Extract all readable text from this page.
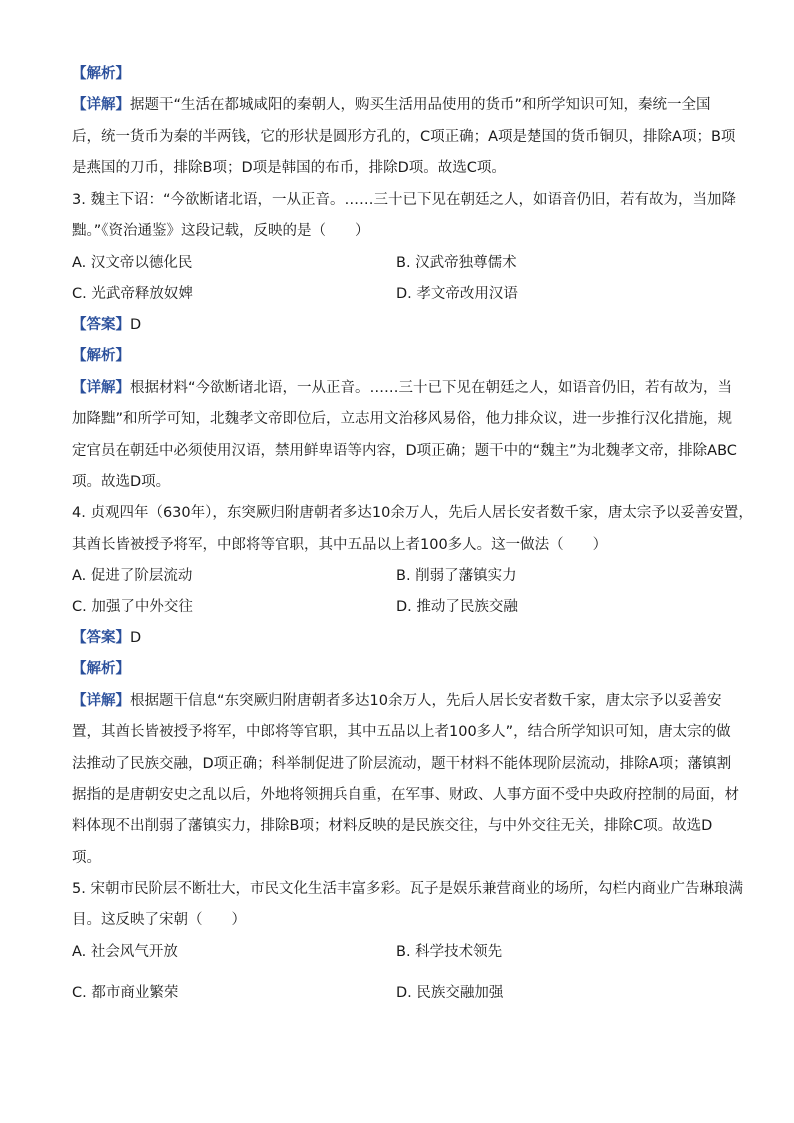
【解析】
【详解】据题干“生活在都城咸阳的秦朝人，购买生活用品使用的货币”和所学知识可知，秦统一全国
后，统一货币为秦的半两钱，它的形状是圆形方孔的，C项正确；A项是楚国的货币铜贝，排除A项；B项
是燕国的刀币，排除B项；D项是韩国的布币，排除D项。故选C项。
3. 魏主下诏：“今欲断诸北语，一从正音。……三十已下见在朝廷之人，如语音仍旧，若有故为，当加降
黜。”《资治通鉴》这段记载，反映的是（　　）
A. 汉文帝以德化民	B. 汉武帝独尊儒术
C. 光武帝释放奴婢	D. 孝文帝改用汉语
【答案】D
【解析】
【详解】根据材料“今欲断诸北语，一从正音。……三十已下见在朝廷之人，如语音仍旧，若有故为，当
加降黜”和所学可知，北魏孝文帝即位后，立志用文治移风易俗，他力排众议，进一步推行汉化措施，规
定官员在朝廷中必须使用汉语，禁用鲜卑语等内容，D项正确；题干中的“魏主”为北魏孝文帝，排除ABC
项。故选D项。
4. 贞观四年（630年），东突厥归附唐朝者多达10余万人，先后人居长安者数千家，唐太宗予以妥善安置，
其酋长皆被授予将军，中郎将等官职，其中五品以上者100多人。这一做法（　　）
A. 促进了阶层流动	B. 削弱了藩镇实力
C. 加强了中外交往	D. 推动了民族交融
【答案】D
【解析】
【详解】根据题干信息“东突厥归附唐朝者多达10余万人，先后人居长安者数千家，唐太宗予以妥善安
置，其酋长皆被授予将军，中郎将等官职，其中五品以上者100多人”，结合所学知识可知，唐太宗的做
法推动了民族交融，D项正确；科举制促进了阶层流动，题干材料不能体现阶层流动，排除A项；藩镇割
据指的是唐朝安史之乱以后，外地将领拥兵自重，在军事、财政、人事方面不受中央政府控制的局面，材
料体现不出削弱了藩镇实力，排除B项；材料反映的是民族交往，与中外交往无关，排除C项。故选D
项。
5. 宋朝市民阶层不断壮大，市民文化生活丰富多彩。瓦子是娱乐兼营商业的场所，勾栏内商业广告琳琅满
目。这反映了宋朝（　　）
A. 社会风气开放	B. 科学技术领先
C. 都市商业繁荣	D. 民族交融加强
